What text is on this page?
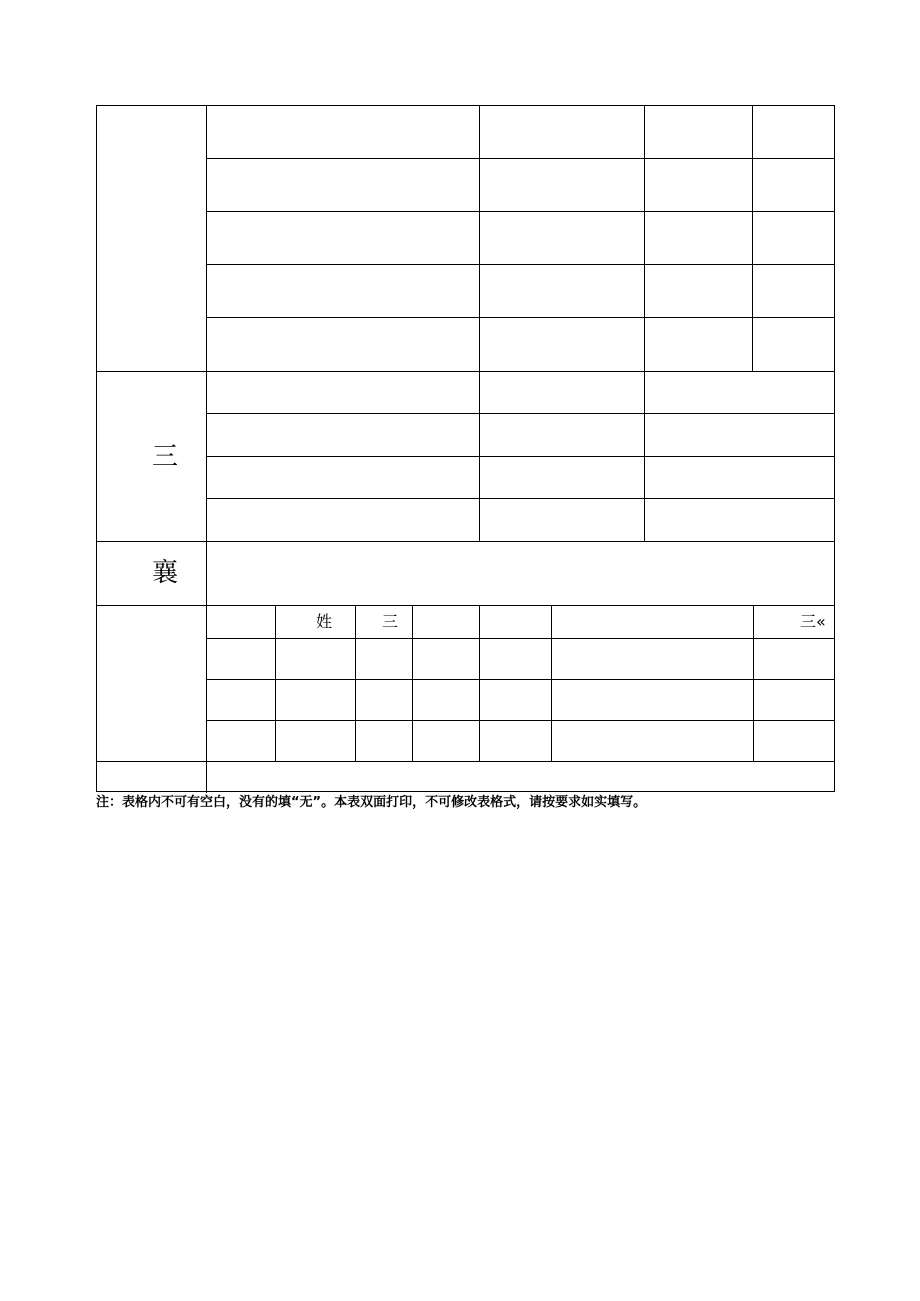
三
襄
姓	三	三«
注：表格内不可有空白，没有的填“无”。本表双面打印，不可修改表格式，请按要求如实填写。
